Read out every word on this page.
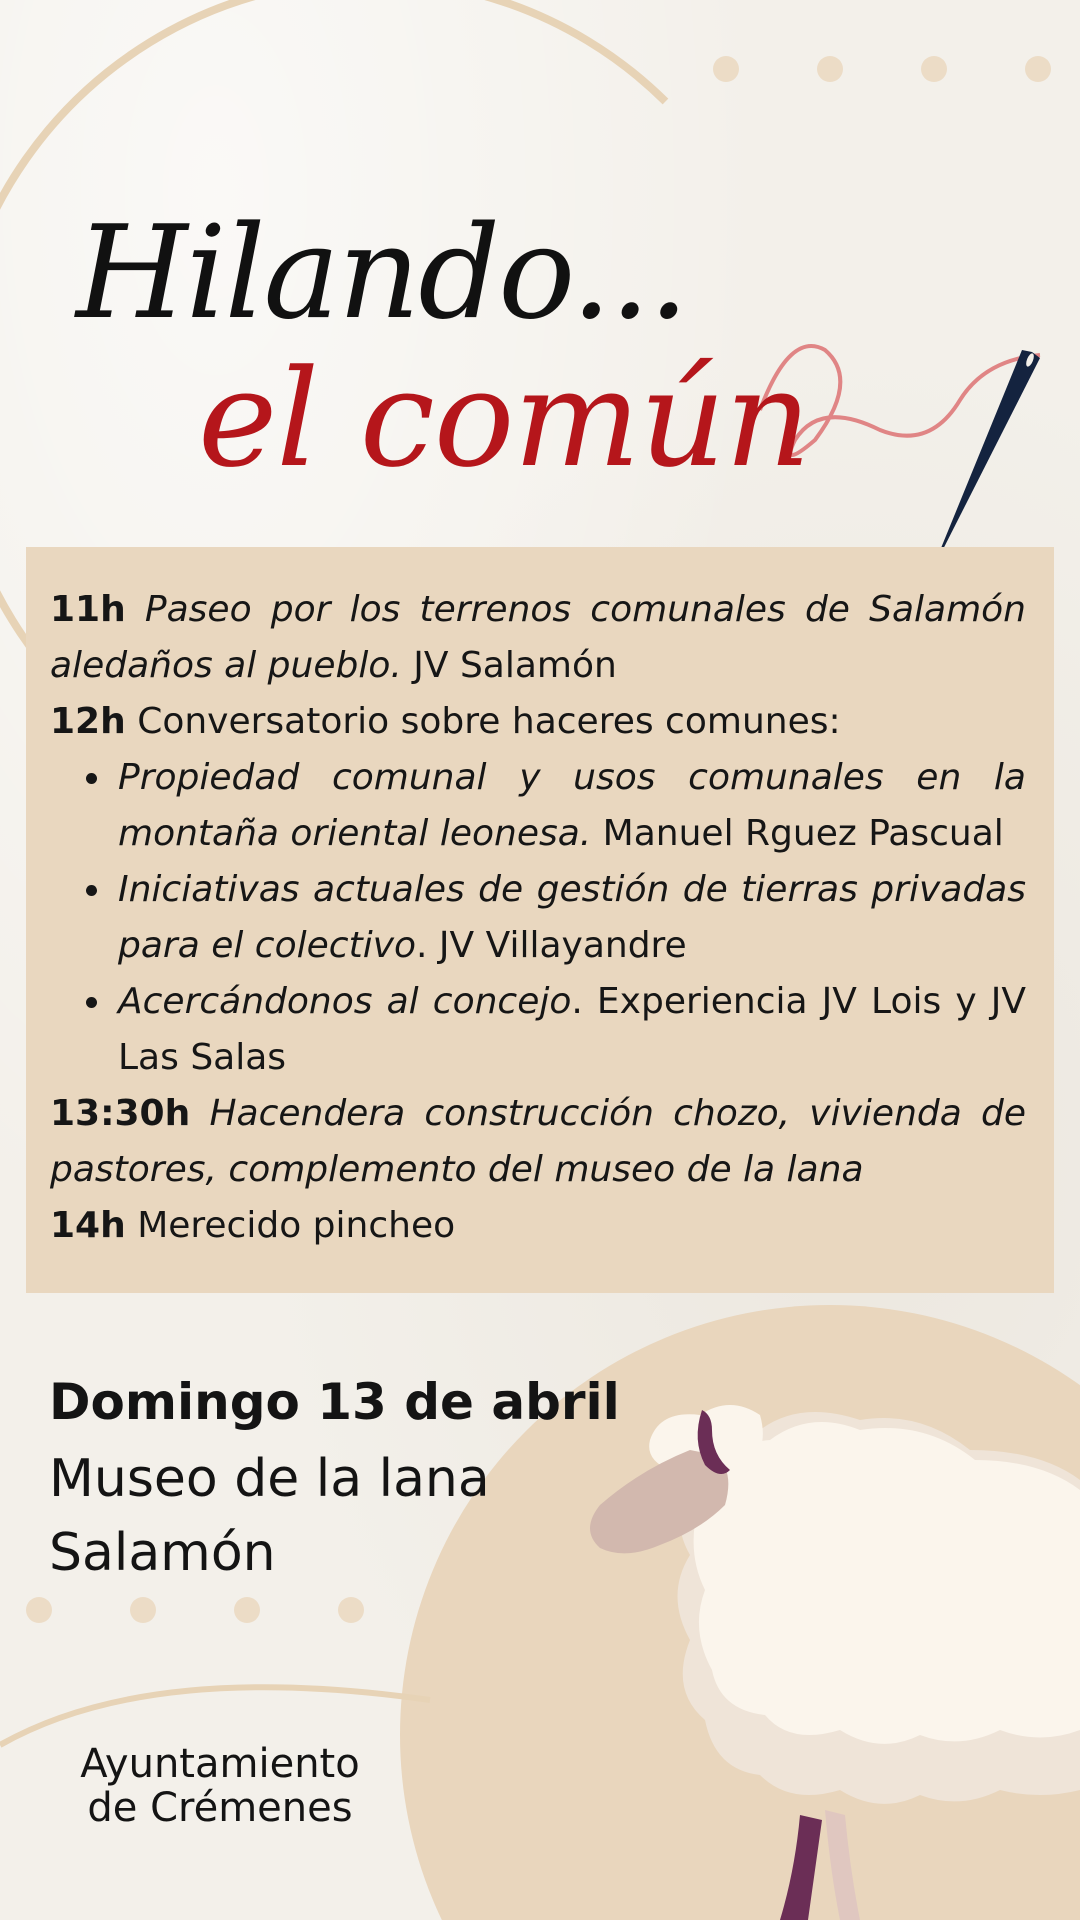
Hilando...
el común

11h Paseo por los terrenos comunales de Salamón aledaños al pueblo. JV Salamón

12h Conversatorio sobre haceres comunes:

Propiedad comunal y usos comunales en la montaña oriental leonesa. Manuel Rguez Pascual
Iniciativas actuales de gestión de tierras privadas para el colectivo. JV Villayandre
Acercándonos al concejo. Experiencia JV Lois y JV Las Salas

13:30h Hacendera construcción chozo, vivienda de pastores, complemento del museo de la lana

14h Merecido pincheo

Domingo 13 de abril
Museo de la lana
Salamón
Ayuntamiento
de Crémenes
